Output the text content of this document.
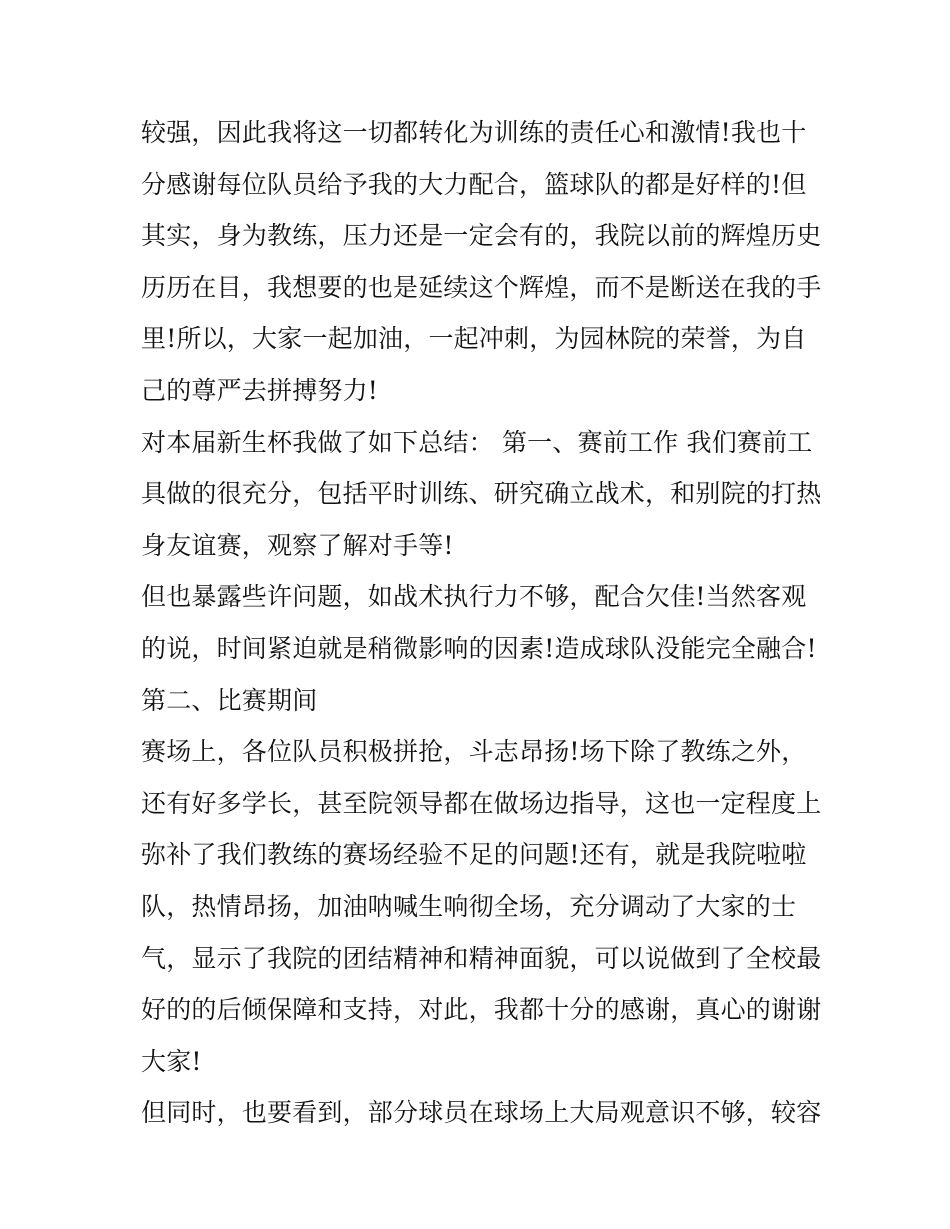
较强，因此我将这一切都转化为训练的责任心和激情!我也十
分感谢每位队员给予我的大力配合，篮球队的都是好样的!但
其实，身为教练，压力还是一定会有的，我院以前的辉煌历史
历历在目，我想要的也是延续这个辉煌，而不是断送在我的手
里!所以，大家一起加油，一起冲刺，为园林院的荣誉，为自
己的尊严去拼搏努力!
对本届新生杯我做了如下总结： 第一、赛前工作 我们赛前工
具做的很充分，包括平时训练、研究确立战术，和别院的打热
身友谊赛，观察了解对手等!
但也暴露些许问题，如战术执行力不够，配合欠佳!当然客观
的说，时间紧迫就是稍微影响的因素!造成球队没能完全融合!
第二、比赛期间
赛场上，各位队员积极拼抢，斗志昂扬!场下除了教练之外，
还有好多学长，甚至院领导都在做场边指导，这也一定程度上
弥补了我们教练的赛场经验不足的问题!还有，就是我院啦啦
队，热情昂扬，加油呐喊生响彻全场，充分调动了大家的士
气，显示了我院的团结精神和精神面貌，可以说做到了全校最
好的的后倾保障和支持，对此，我都十分的感谢，真心的谢谢
大家!
但同时，也要看到，部分球员在球场上大局观意识不够，较容
